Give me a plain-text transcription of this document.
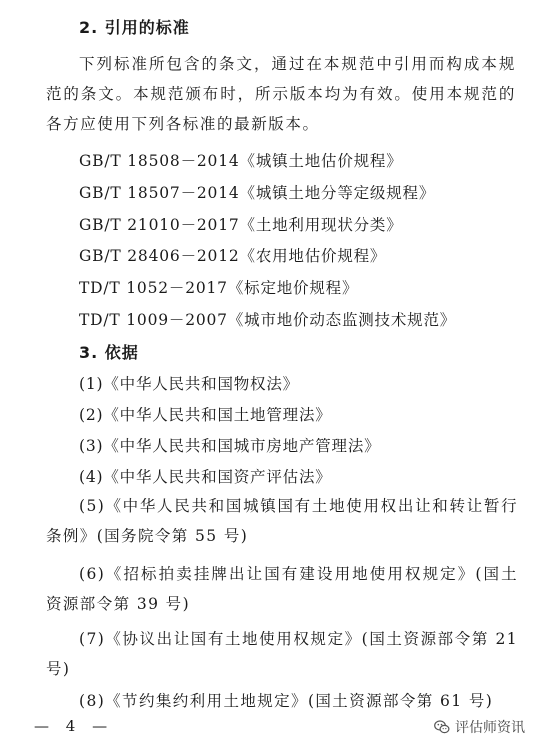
2. 引用的标准
下列标准所包含的条文，通过在本规范中引用而构成本规范的条文。本规范颁布时，所示版本均为有效。使用本规范的各方应使用下列各标准的最新版本。
GB/T 18508－2014《城镇土地估价规程》
GB/T 18507－2014《城镇土地分等定级规程》
GB/T 21010－2017《土地利用现状分类》
GB/T 28406－2012《农用地估价规程》
TD/T 1052－2017《标定地价规程》
TD/T 1009－2007《城市地价动态监测技术规范》
3. 依据
(1)《中华人民共和国物权法》
(2)《中华人民共和国土地管理法》
(3)《中华人民共和国城市房地产管理法》
(4)《中华人民共和国资产评估法》
(5)《中华人民共和国城镇国有土地使用权出让和转让暂行条例》(国务院令第 55 号)
(6)《招标拍卖挂牌出让国有建设用地使用权规定》(国土资源部令第 39 号)
(7)《协议出让国有土地使用权规定》(国土资源部令第 21 号)
(8)《节约集约利用土地规定》(国土资源部令第 61 号)
— 4 —	评估师资讯
